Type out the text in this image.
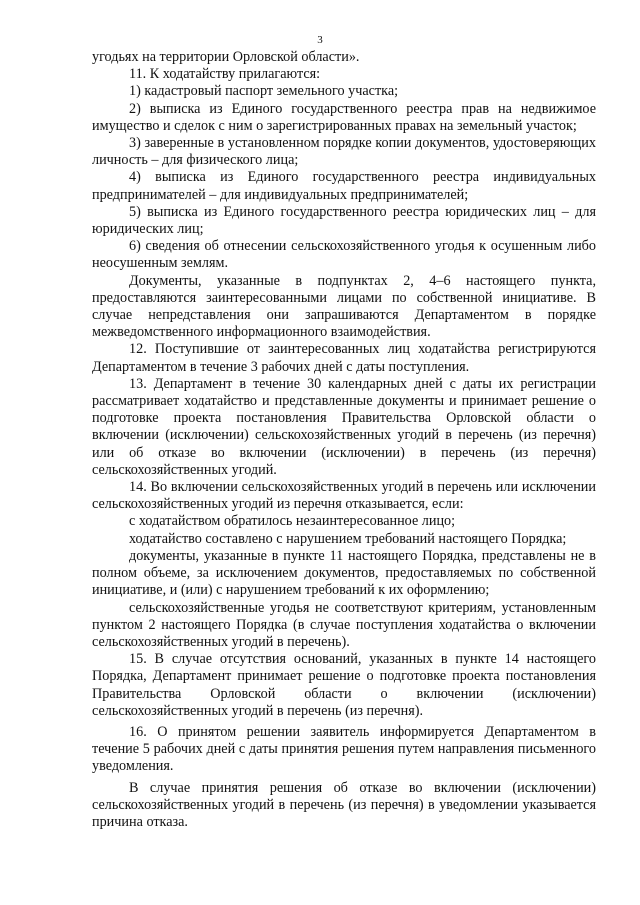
3

угодьях на территории Орловской области».

11. К ходатайству прилагаются:

1) кадастровый паспорт земельного участка;

2) выписка из Единого государственного реестра прав на недвижимое имущество и сделок с ним о зарегистрированных правах на земельный участок;

3) заверенные в установленном порядке копии документов, удостоверяющих личность – для физического лица;

4) выписка из Единого государственного реестра индивидуальных предпринимателей – для индивидуальных предпринимателей;

5) выписка из Единого государственного реестра юридических лиц – для юридических лиц;

6) сведения об отнесении сельскохозяйственного угодья к осушенным либо неосушенным землям.

Документы, указанные в подпунктах 2, 4–6 настоящего пункта, предоставляются заинтересованными лицами по собственной инициативе. В случае непредставления они запрашиваются Департаментом в порядке межведомственного информационного взаимодействия.

12. Поступившие от заинтересованных лиц ходатайства регистрируются Департаментом в течение 3 рабочих дней с даты поступления.

13. Департамент в течение 30 календарных дней с даты их регистрации рассматривает ходатайство и представленные документы и принимает решение о подготовке проекта постановления Правительства Орловской области о включении (исключении) сельскохозяйственных угодий в перечень (из перечня) или об отказе во включении (исключении) в перечень (из перечня) сельскохозяйственных угодий.

14. Во включении сельскохозяйственных угодий в перечень или исключении сельскохозяйственных угодий из перечня отказывается, если:

с ходатайством обратилось незаинтересованное лицо;

ходатайство составлено с нарушением требований настоящего Порядка;

документы, указанные в пункте 11 настоящего Порядка, представлены не в полном объеме, за исключением документов, предоставляемых по собственной инициативе, и (или) с нарушением требований к их оформлению;

сельскохозяйственные угодья не соответствуют критериям, установленным пунктом 2 настоящего Порядка (в случае поступления ходатайства о включении сельскохозяйственных угодий в перечень).

15. В случае отсутствия оснований, указанных в пункте 14 настоящего Порядка, Департамент принимает решение о подготовке проекта постановления Правительства Орловской области о включении (исключении) сельскохозяйственных угодий в перечень (из перечня).

16. О принятом решении заявитель информируется Департаментом в течение 5 рабочих дней с даты принятия решения путем направления письменного уведомления.

В случае принятия решения об отказе во включении (исключении) сельскохозяйственных угодий в перечень (из перечня) в уведомлении указывается причина отказа.
